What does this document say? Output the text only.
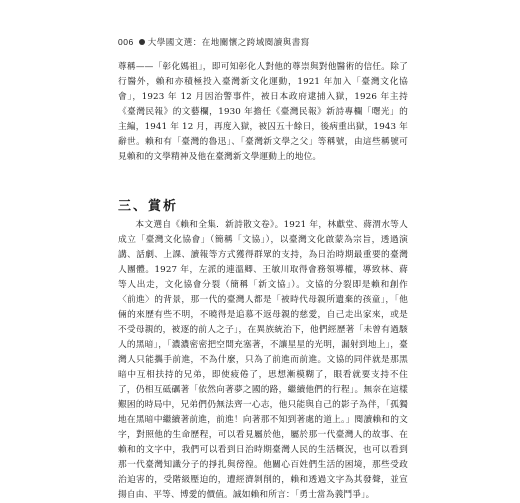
006 大學國文選：在地關懷之跨域閱讀與書寫
尊稱——「彰化媽祖」，即可知彰化人對他的尊崇與對他醫術的信任。除了行醫外，賴和亦積極投入臺灣新文化運動，1921 年加入「臺灣文化協會」，1923 年 12 月因治警事件，被日本政府逮捕入獄，1926 年主持《臺灣民報》的文藝欄，1930 年擔任《臺灣民報》新詩專欄「曙光」的主編，1941 年 12 月，再度入獄，被囚五十餘日，後病重出獄，1943 年辭世。賴和有「臺灣的魯迅」、「臺灣新文學之父」等稱號，由這些稱號可見賴和的文學精神及他在臺灣新文學運動上的地位。
三、賞析
本文選自《賴和全集．新詩散文卷》。1921 年，林獻堂、蔣渭水等人成立「臺灣文化協會」（簡稱「文協」），以臺灣文化啟蒙為宗旨，透過演講、話劇、上課、讀報等方式獲得群眾的支持，為日治時期最重要的臺灣人團體。1927 年，左派的連溫卿、王敏川取得會務領導權，導致林、蔣等人出走，文化協會分裂（簡稱「新文協」）。文協的分裂即是賴和創作〈前進〉的背景，那一代的臺灣人都是「被時代母親所遺棄的孩童」，「他倆的來歷有些不明，不曉得是追慕不返母親的慈愛，自己走出家來，或是不受母親的，被逐的前人之子」，在異族統治下，他們經歷著「未曾有過駭人的黑暗」，「濃濃密密把空間充塞著，不讓星星的光明，漏射到地上」，臺灣人只能攜手前進，不為什麼，只為了前進而前進。文協的同伴就是那黑暗中互相扶持的兄弟，即使疲倦了，思想漸模糊了，眼看就要支持不住了，仍相互砥礪著「依然向著夢之國的路，繼續他們的行程」。無奈在這樣艱困的時局中，兄弟們仍無法齊一心志，他只能與自己的影子為伴，「孤獨地在黑暗中繼續著前進，前進！向著那不知到著處的道上。」閱讀賴和的文字，對照他的生命歷程，可以看見屬於他，屬於那一代臺灣人的故事、在賴和的文字中，我們可以看到日治時期臺灣人民的生活概況，也可以看到那一代臺灣知識分子的掙扎與徬徨。他關心百姓們生活的困境，那些受政治迫害的，受階級壓迫的，遭經濟剝削的，賴和透過文字為其發聲，並宣揚自由、平等、博愛的價值。誠如賴和所言：「勇士當為義鬥爭」。
